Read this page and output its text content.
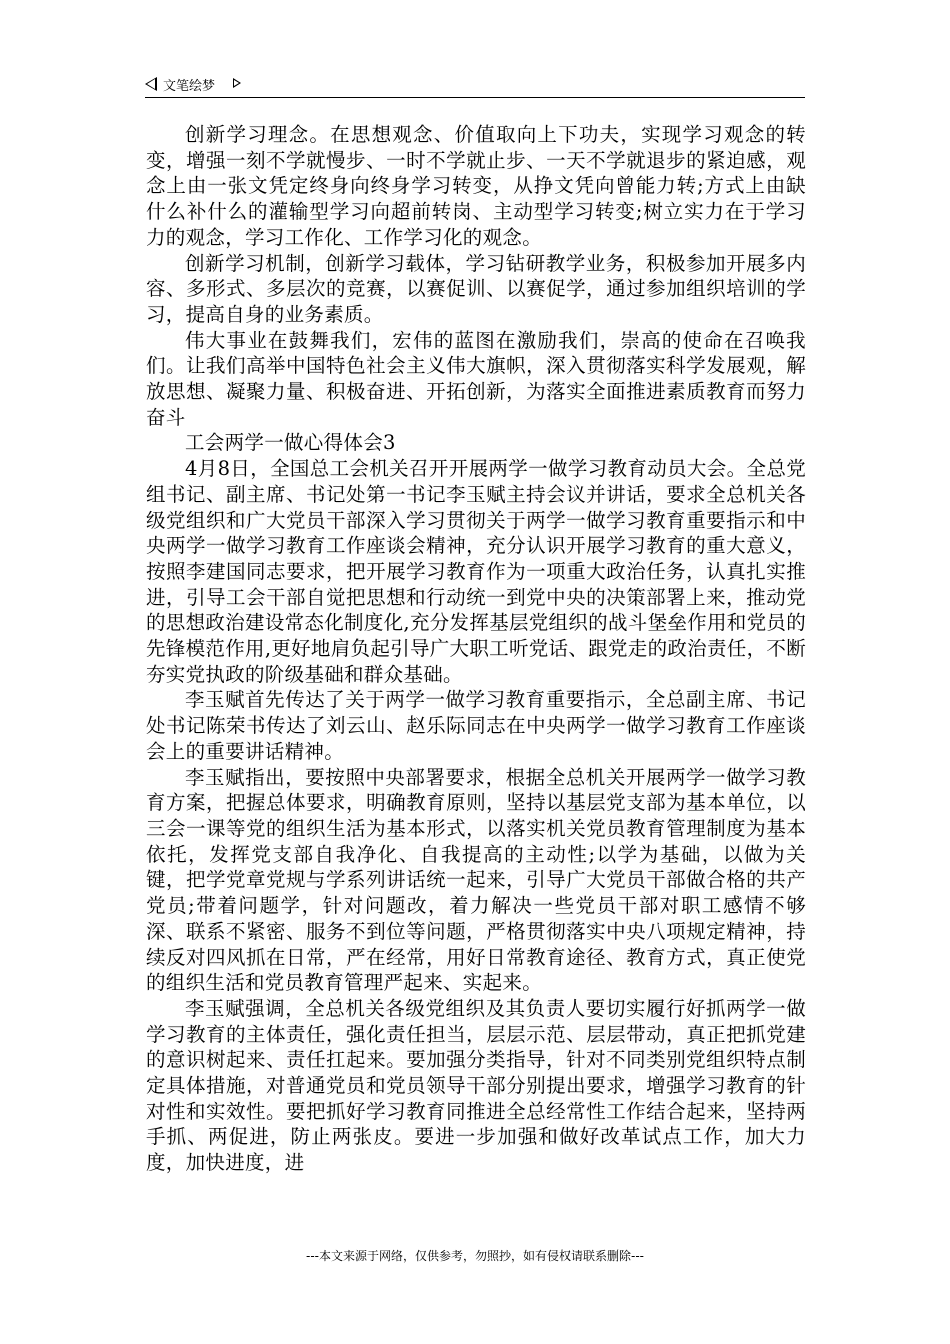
文笔绘梦

创新学习理念。在思想观念、价值取向上下功夫，实现学习观念的转变，增强一刻不学就慢步、一时不学就止步、一天不学就退步的紧迫感，观念上由一张文凭定终身向终身学习转变，从挣文凭向曾能力转;方式上由缺什么补什么的灌输型学习向超前转岗、主动型学习转变;树立实力在于学习力的观念，学习工作化、工作学习化的观念。

创新学习机制，创新学习载体，学习钻研教学业务，积极参加开展多内容、多形式、多层次的竞赛，以赛促训、以赛促学，通过参加组织培训的学习，提高自身的业务素质。

伟大事业在鼓舞我们，宏伟的蓝图在激励我们，崇高的使命在召唤我们。让我们高举中国特色社会主义伟大旗帜，深入贯彻落实科学发展观，解放思想、凝聚力量、积极奋进、开拓创新，为落实全面推进素质教育而努力奋斗

工会两学一做心得体会3

4月8日，全国总工会机关召开开展两学一做学习教育动员大会。全总党组书记、副主席、书记处第一书记李玉赋主持会议并讲话，要求全总机关各级党组织和广大党员干部深入学习贯彻关于两学一做学习教育重要指示和中央两学一做学习教育工作座谈会精神，充分认识开展学习教育的重大意义，按照李建国同志要求，把开展学习教育作为一项重大政治任务，认真扎实推进，引导工会干部自觉把思想和行动统一到党中央的决策部署上来，推动党的思想政治建设常态化制度化,充分发挥基层党组织的战斗堡垒作用和党员的先锋模范作用,更好地肩负起引导广大职工听党话、跟党走的政治责任，不断夯实党执政的阶级基础和群众基础。

李玉赋首先传达了关于两学一做学习教育重要指示，全总副主席、书记处书记陈荣书传达了刘云山、赵乐际同志在中央两学一做学习教育工作座谈会上的重要讲话精神。

李玉赋指出，要按照中央部署要求，根据全总机关开展两学一做学习教育方案，把握总体要求，明确教育原则，坚持以基层党支部为基本单位，以三会一课等党的组织生活为基本形式，以落实机关党员教育管理制度为基本依托，发挥党支部自我净化、自我提高的主动性;以学为基础，以做为关键，把学党章党规与学系列讲话统一起来，引导广大党员干部做合格的共产党员;带着问题学，针对问题改，着力解决一些党员干部对职工感情不够深、联系不紧密、服务不到位等问题，严格贯彻落实中央八项规定精神，持续反对四风抓在日常，严在经常，用好日常教育途径、教育方式，真正使党的组织生活和党员教育管理严起来、实起来。

李玉赋强调，全总机关各级党组织及其负责人要切实履行好抓两学一做学习教育的主体责任，强化责任担当，层层示范、层层带动，真正把抓党建的意识树起来、责任扛起来。要加强分类指导，针对不同类别党组织特点制定具体措施，对普通党员和党员领导干部分别提出要求，增强学习教育的针对性和实效性。要把抓好学习教育同推进全总经常性工作结合起来，坚持两手抓、两促进，防止两张皮。要进一步加强和做好改革试点工作，加大力度，加快进度，进

---本文来源于网络，仅供参考，勿照抄，如有侵权请联系删除---
